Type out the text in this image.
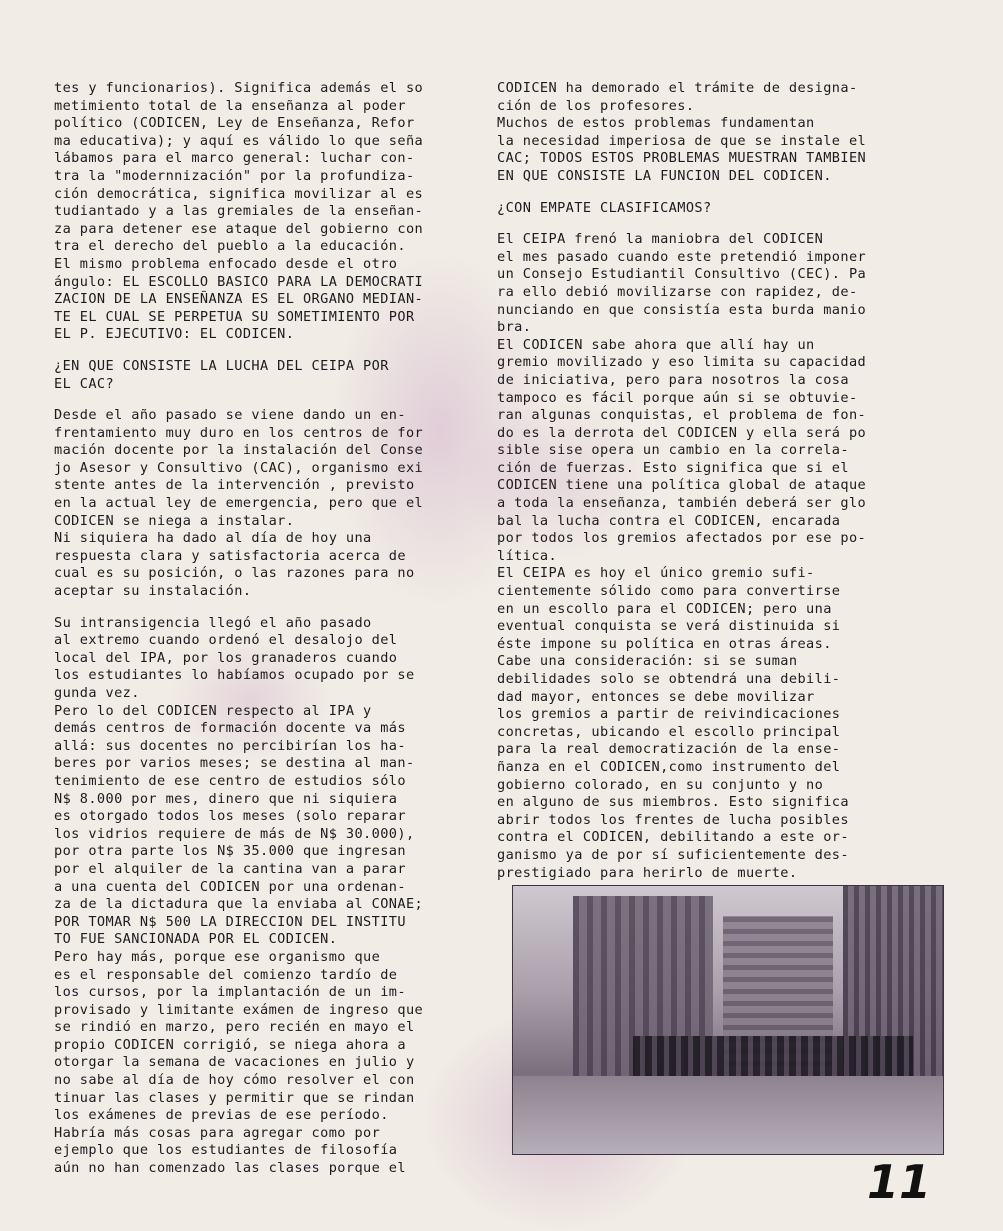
tes y funcionarios). Significa además el so
metimiento total de la enseñanza al poder
político (CODICEN, Ley de Enseñanza, Refor
ma educativa); y aquí es válido lo que seña
lábamos para el marco general: luchar con-
tra la "modernnización" por la profundiza-
ción democrática, significa movilizar al es
tudiantado y a las gremiales de la enseñan-
za para detener ese ataque del gobierno con
tra el derecho del pueblo a la educación.
El mismo problema enfocado desde el otro
ángulo: EL ESCOLLO BASICO PARA LA DEMOCRATI
ZACION DE LA ENSEÑANZA ES EL ORGANO MEDIAN-
TE EL CUAL SE PERPETUA SU SOMETIMIENTO POR
EL P. EJECUTIVO: EL CODICEN.
¿EN QUE CONSISTE LA LUCHA DEL CEIPA POR
EL CAC?
Desde el año pasado se viene dando un en-
frentamiento muy duro en los centros de for
mación docente por la instalación del Conse
jo Asesor y Consultivo (CAC), organismo exi
stente antes de la intervención , previsto
en la actual ley de emergencia, pero que el
CODICEN se niega a instalar.
Ni siquiera ha dado al día de hoy una
respuesta clara y satisfactoria acerca de
cual es su posición, o las razones para no
aceptar su instalación.
Su intransigencia llegó el año pasado
al extremo cuando ordenó el desalojo del
local del IPA, por los granaderos cuando
los estudiantes lo habíamos ocupado por se
gunda vez.
Pero lo del CODICEN respecto al IPA y
demás centros de formación docente va más
allá: sus docentes no percibirían los ha-
beres por varios meses; se destina al man-
tenimiento de ese centro de estudios sólo
N$ 8.000 por mes, dinero que ni siquiera
es otorgado todos los meses (solo reparar
los vidrios requiere de más de N$ 30.000),
por otra parte los N$ 35.000 que ingresan
por el alquiler de la cantina van a parar
a una cuenta del CODICEN por una ordenan-
za de la dictadura que la enviaba al CONAE;
POR TOMAR N$ 500 LA DIRECCION DEL INSTITU
TO FUE SANCIONADA POR EL CODICEN.
Pero hay más, porque ese organismo que
es el responsable del comienzo tardío de
los cursos, por la implantación de un im-
provisado y limitante exámen de ingreso que
se rindió en marzo, pero recién en mayo el
propio CODICEN corrigió, se niega ahora a
otorgar la semana de vacaciones en julio y
no sabe al día de hoy cómo resolver el con
tinuar las clases y permitir que se rindan
los exámenes de previas de ese período.
Habría más cosas para agregar como por
ejemplo que los estudiantes de filosofía
aún no han comenzado las clases porque el
CODICEN ha demorado el trámite de designa-
ción de los profesores.
Muchos de estos problemas fundamentan
la necesidad imperiosa de que se instale el
CAC; TODOS ESTOS PROBLEMAS MUESTRAN TAMBIEN
EN QUE CONSISTE LA FUNCION DEL CODICEN.
¿CON EMPATE CLASIFICAMOS?
El CEIPA frenó la maniobra del CODICEN
el mes pasado cuando este pretendió imponer
un Consejo Estudiantil Consultivo (CEC). Pa
ra ello debió movilizarse con rapidez, de-
nunciando en que consistía esta burda manio
bra.
El CODICEN sabe ahora que allí hay un
gremio movilizado y eso limita su capacidad
de iniciativa, pero para nosotros la cosa
tampoco es fácil porque aún si se obtuvie-
ran algunas conquistas, el problema de fon-
do es la derrota del CODICEN y ella será po
sible sise opera un cambio en la correla-
ción de fuerzas. Esto significa que si el
CODICEN tiene una política global de ataque
a toda la enseñanza, también deberá ser glo
bal la lucha contra el CODICEN, encarada
por todos los gremios afectados por ese po-
lítica.
El CEIPA es hoy el único gremio sufi-
cientemente sólido como para convertirse
en un escollo para el CODICEN; pero una
eventual conquista se verá distinuida si
éste impone su política en otras áreas.
Cabe una consideración: si se suman
debilidades solo se obtendrá una debili-
dad mayor, entonces se debe movilizar
los gremios a partir de reivindicaciones
concretas, ubicando el escollo principal
para la real democratización de la ense-
ñanza en el CODICEN,como instrumento del
gobierno colorado, en su conjunto y no
en alguno de sus miembros. Esto significa
abrir todos los frentes de lucha posibles
contra el CODICEN, debilitando a este or-
ganismo ya de por sí suficientemente des-
prestigiado para herirlo de muerte.
11
